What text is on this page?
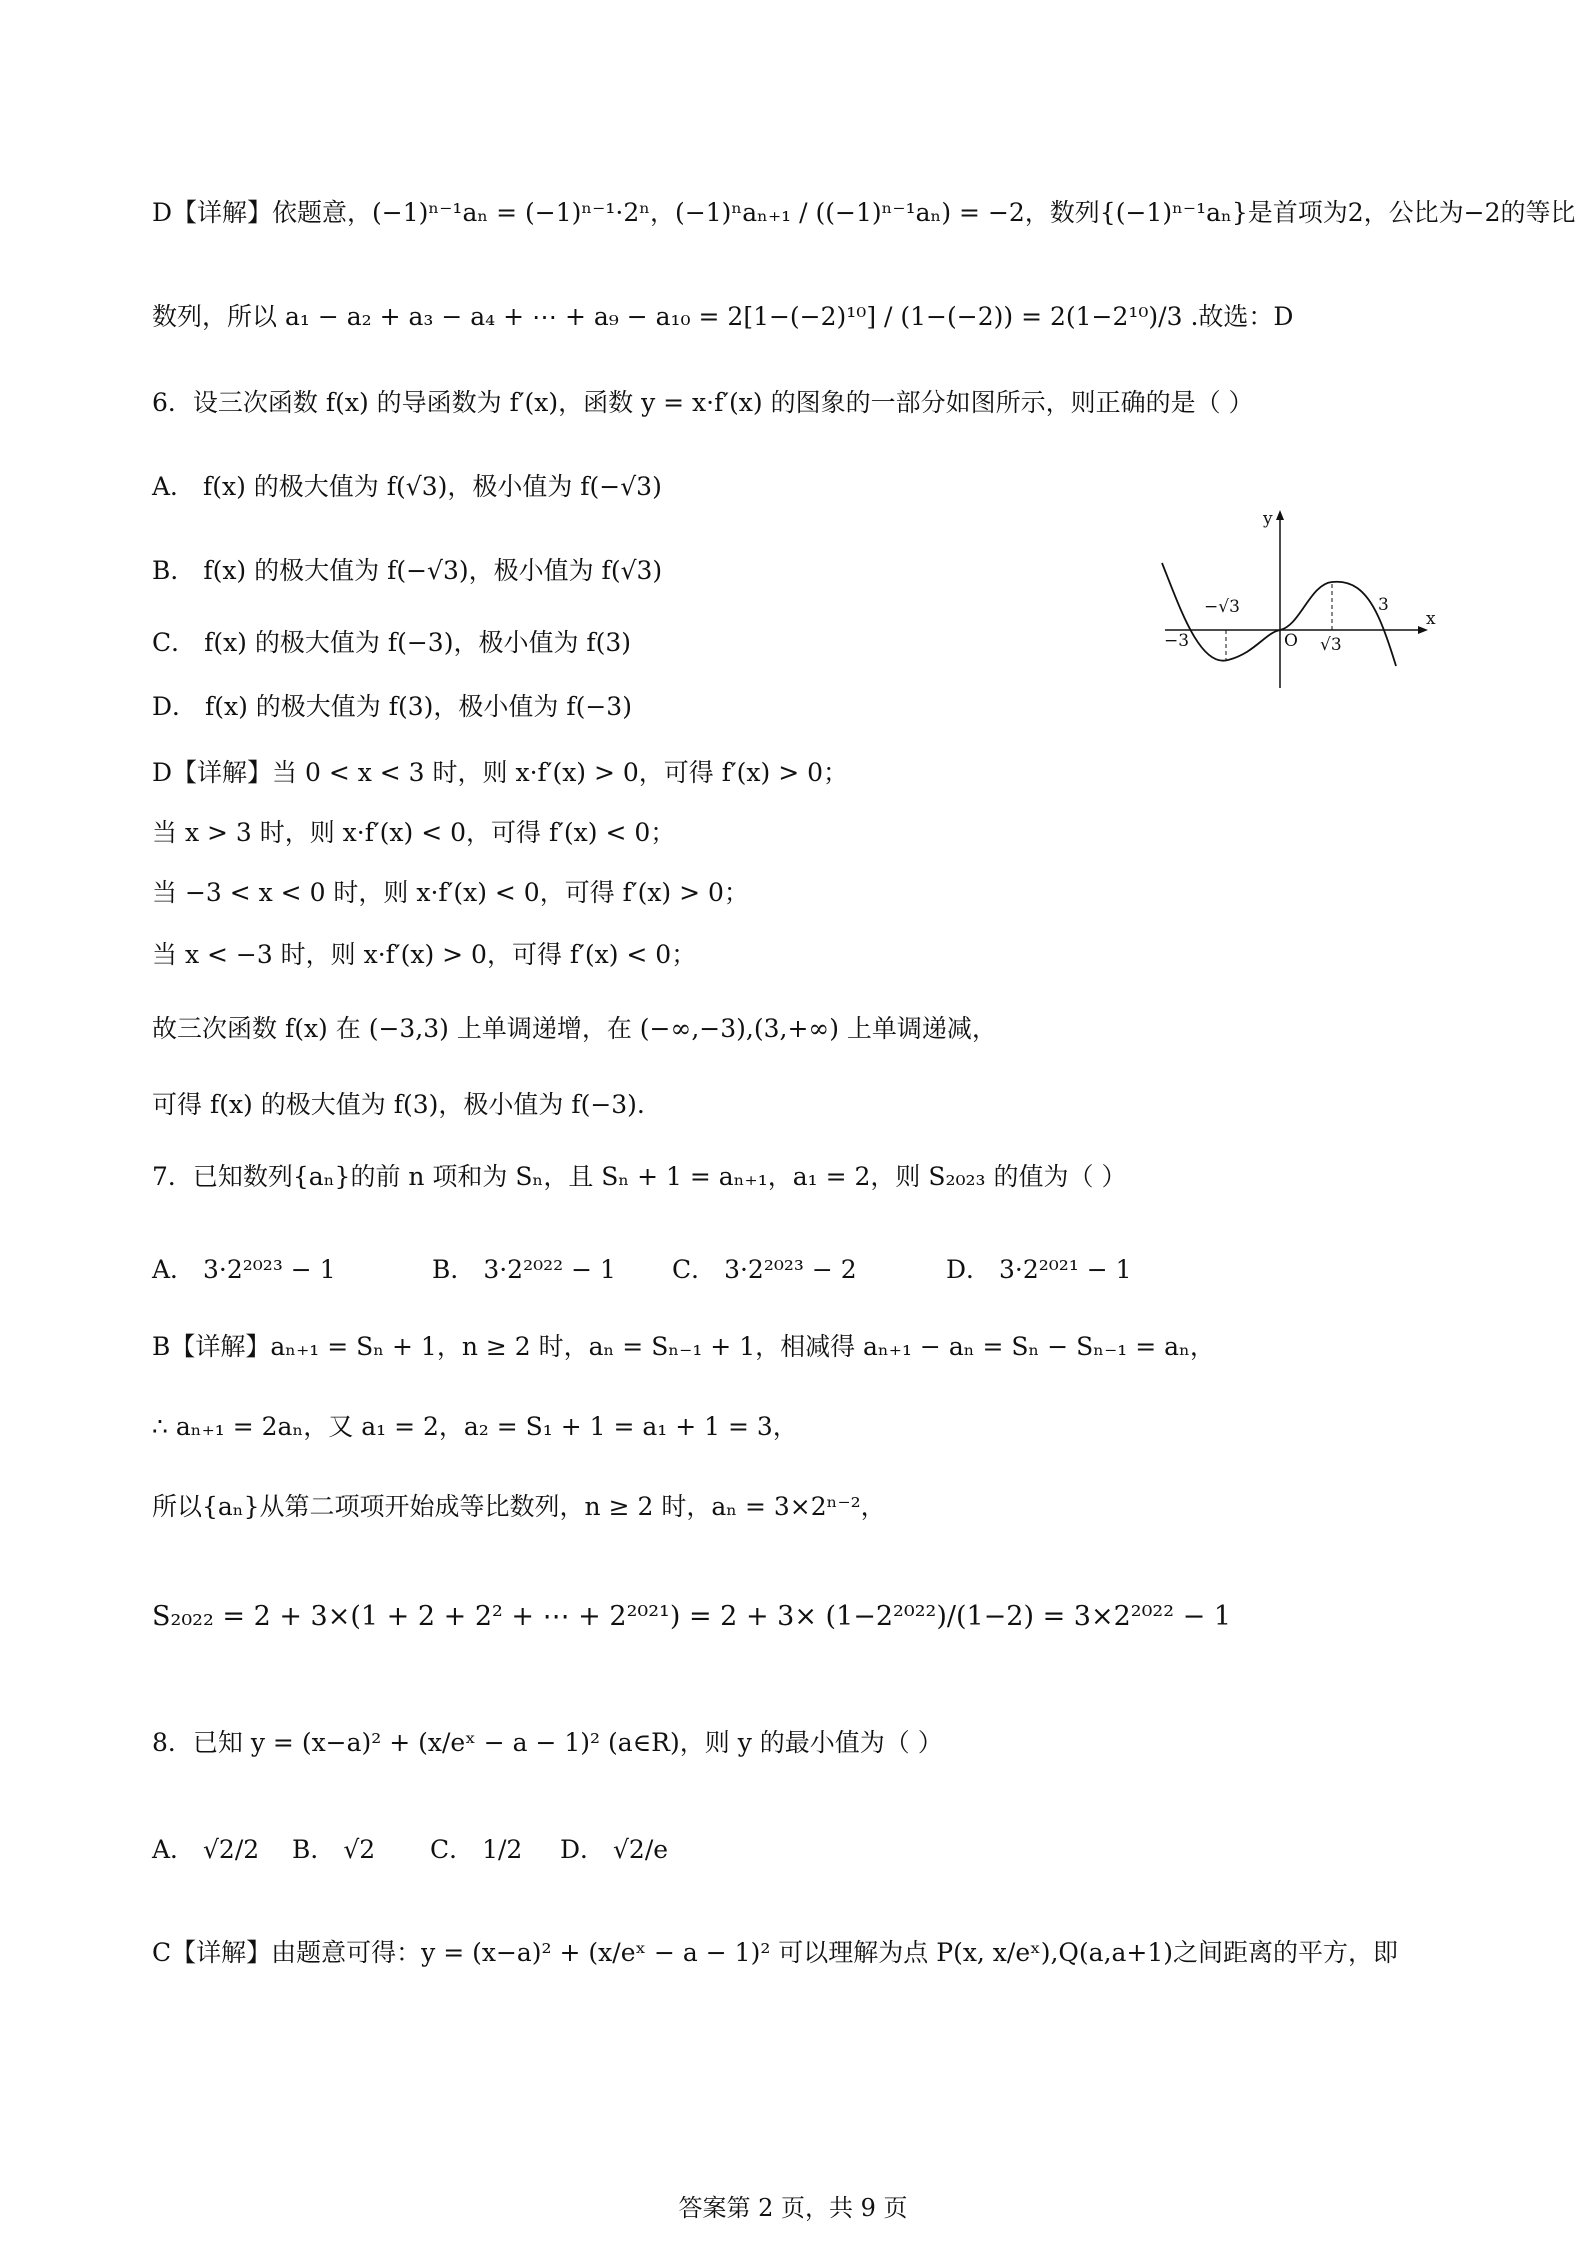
D【详解】依题意，(−1)ⁿ⁻¹aₙ = (−1)ⁿ⁻¹·2ⁿ，(−1)ⁿaₙ₊₁ / ((−1)ⁿ⁻¹aₙ) = −2，数列{(−1)ⁿ⁻¹aₙ}是首项为2，公比为−2的等比
数列，所以 a₁ − a₂ + a₃ − a₄ + ⋯ + a₉ − a₁₀ = 2[1−(−2)¹⁰] / (1−(−2)) = 2(1−2¹⁰)/3 .故选：D
6．设三次函数 f(x) 的导函数为 f′(x)，函数 y = x·f′(x) 的图象的一部分如图所示，则正确的是（ ）
A． f(x) 的极大值为 f(√3)，极小值为 f(−√3)
B． f(x) 的极大值为 f(−√3)，极小值为 f(√3)
C． f(x) 的极大值为 f(−3)，极小值为 f(3)
D． f(x) 的极大值为 f(3)，极小值为 f(−3)
y
x
O
−3
−√3
√3
3
D【详解】当 0 < x < 3 时，则 x·f′(x) > 0，可得 f′(x) > 0；
当 x > 3 时，则 x·f′(x) < 0，可得 f′(x) < 0；
当 −3 < x < 0 时，则 x·f′(x) < 0，可得 f′(x) > 0；
当 x < −3 时，则 x·f′(x) > 0，可得 f′(x) < 0；
故三次函数 f(x) 在 (−3,3) 上单调递增，在 (−∞,−3),(3,+∞) 上单调递减，
可得 f(x) 的极大值为 f(3)，极小值为 f(−3).
7．已知数列{aₙ}的前 n 项和为 Sₙ，且 Sₙ + 1 = aₙ₊₁，a₁ = 2，则 S₂₀₂₃ 的值为（ ）
A． 3·2²⁰²³ − 1	B． 3·2²⁰²² − 1 C． 3·2²⁰²³ − 2	D． 3·2²⁰²¹ − 1
B【详解】aₙ₊₁ = Sₙ + 1，n ≥ 2 时，aₙ = Sₙ₋₁ + 1，相减得 aₙ₊₁ − aₙ = Sₙ − Sₙ₋₁ = aₙ，
∴ aₙ₊₁ = 2aₙ，又 a₁ = 2，a₂ = S₁ + 1 = a₁ + 1 = 3，
所以{aₙ}从第二项项开始成等比数列，n ≥ 2 时，aₙ = 3×2ⁿ⁻²，
S₂₀₂₂ = 2 + 3×(1 + 2 + 2² + ⋯ + 2²⁰²¹) = 2 + 3× (1−2²⁰²²)/(1−2) = 3×2²⁰²² − 1
8．已知 y = (x−a)² + (x/eˣ − a − 1)² (a∈R)，则 y 的最小值为（ ）
A． √2/2 B． √2 C． 1/2 D． √2/e
C【详解】由题意可得：y = (x−a)² + (x/eˣ − a − 1)² 可以理解为点 P(x, x/eˣ),Q(a,a+1)之间距离的平方，即
答案第 2 页，共 9 页
